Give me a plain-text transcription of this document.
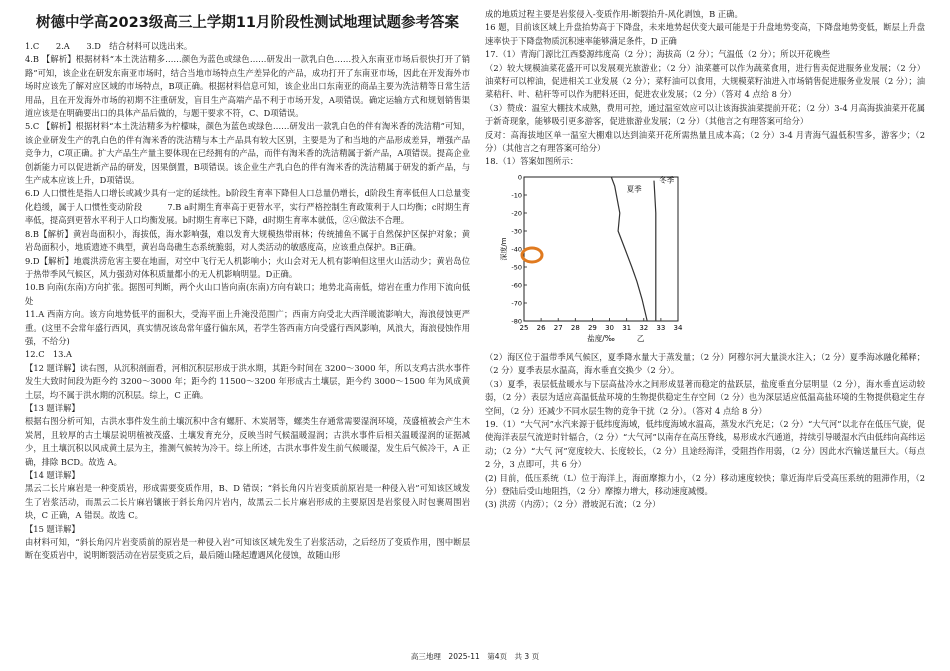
树德中学高2023级高三上学期11月阶段性测试地理试题参考答案

1.C　　2.A　　3.D　结合材料可以选出来。

4.B 【解析】根据材料“本土洗洁精多……颜色为蓝色或绿色……研发出一款乳白色……投入东南亚市场后很快打开了销路”可知，该企业在研发东南亚市场时，结合当地市场特点生产差异化的产品，成功打开了东南亚市场，因此在开发海外市场时应该先了解对应区域的市场特点，B项正确。根据材料信息可知，该企业出口东南亚的商品主要为洗洁精等日常生活用品，且在开发海外市场的初期不注重研发，盲目生产高端产品不利于市场开发，A项错误。确定运输方式和规划销售渠道应该是在明确要出口的具体产品后做的，与题干要求不符，C、D项错误。

5.C 【解析】根据材料“本土洗洁精多为柠檬味，颜色为蓝色或绿色……研发出一款乳白色的伴有淘米香的洗洁精”可知，该企业研发生产的乳白色的伴有淘米香的洗洁精与本土产品具有较大区别，主要是为了和当地的产品形成差异，增强产品竞争力，C项正确。扩大产品生产量主要体现在已经拥有的产品，而伴有淘米香的洗洁精属于新产品，A项错误。提高企业创新能力可以促进新产品的研发，因果倒置，B项错误。该企业生产乳白色的伴有淘米香的洗洁精属于研发的新产品，与生产成本应该上升，D项错误。

6.D 人口惯性是指人口增长或减少具有一定的延续性。b阶段生育率下降但人口总量仍增长，d阶段生育率低但人口总量变化趋缓，属于人口惯性变动阶段　　　7.B a时期生育率高于更替水平，实行严格控制生育政策利于人口均衡；c时期生育率低，提高到更替水平利于人口均衡发展。b时期生育率已下降，d时期生育率本就低，②④做法不合理。

8.B【解析】黄岩岛面积小，海拔低，海水影响强，难以发育大规模热带雨林；传统捕鱼不属于自然保护区保护对象；黄岩岛面积小，地质遗迹不典型，黄岩岛岛礁生态系统脆弱，对人类活动的敏感度高，应该重点保护。B正确。

9.D【解析】地震洪涝危害主要在地面，对空中飞行无人机影响小；火山会对无人机有影响但这里火山活动少；黄岩岛位于热带季风气候区，风力强劲对体积质量都小的无人机影响明显。D正确。

10.B 向南(东南)方向扩张。据图可判断，两个火山口皆向南(东南)方向有缺口；地势北高南低，熔岩在重力作用下流向低处

11.A 西南方向。该方向地势低平的面积大，受海平面上升淹没范围广；西南方向受北大西洋暖流影响大，海浪侵蚀更严重。(这里不会常年盛行西风，真实情况该岛常年盛行偏东风，若学生答西南方向受盛行西风影响，风浪大，海浪侵蚀作用强，不给分)

12.C　13.A

【12 题详解】读右图，从沉积剖面看，河相沉积层形成于洪水期，其距今时间在 3200～3000 年，所以支鸡古洪水事件发生大致时间段为距今约 3200～3000 年；距今约 11500～3200 年形成古土壤层，距今约 3000～1500 年为风成黄土层，均不属于洪水期的沉积层。综上，C 正确。

【13 题详解】

根据右图分析可知，古洪水事件发生前土壤沉积中含有螺肝、木炭屑等，螺类生存通常需要湿润环境，茂盛植被会产生木炭屑，且较厚的古土壤层说明植被茂盛、土壤发育充分，反映当时气候温暖湿润；古洪水事件后相关温暖湿润的证据减少，且土壤沉积以风成黄土层为主，推测气候转为冷干。综上所述，古洪水事件发生前气候暖湿，发生后气候冷干，A 正确，排除 BCD。故选 A。

【14 题详解】

黑云二长片麻岩是一种变质岩，形成需要变质作用，B、D 错误；“斜长角闪片岩变质前原岩是一种侵入岩”可知该区域发生了岩浆活动，而黑云二长片麻岩镶嵌于斜长角闪片岩内，故黑云二长片麻岩形成的主要原因是岩浆侵入时包裹周围岩块，C 正确，A 错误。故选 C。

【15 题详解】

由材料可知，“斜长角闪片岩变质前的原岩是一种侵入岩”可知该区域先发生了岩浆活动，之后经历了变质作用，图中断层断在变质岩中，说明断裂活动在岩层变质之后，最后随山隆起遭遇风化侵蚀，故随山形

成的地质过程主要是岩浆侵入-变质作用-断裂抬升-风化剥蚀，B 正确。

16 题，目前该区域上升盘抬势高于下降盘，未来地势起伏变大最可能是于升盘地势变高，下降盘地势变低，断层上升盘速率快于下降盘物质沉积速率能够满足条件，D 正确

17.（1）青海门源比江西婺源纬度高（2 分）；海拔高（2 分）；气温低（2 分）；所以开花晚些

（2）较大规模油菜花盛开可以发展观光旅游业；（2 分）油菜薹可以作为蔬菜食用，进行售卖促进服务业发展；（2 分）油菜籽可以榨油，促进相关工业发展（2 分）；菜籽油可以食用，大规模菜籽油进入市场销售促进服务业发展（2 分）；油菜秸秆、叶、秸秆等可以作为肥料还田，促进农业发展；（2 分）（答对 4 点给 8 分）

（3）赞成：温室大棚技术成熟，费用可控，通过温室效应可以让该海拔油菜提前开花；（2 分）3-4 月高海拔油菜开花属于新奇现象，能够吸引更多游客，促进旅游业发展；（2 分）（其他言之有理答案可给分）

反对：高海拔地区单一温室大棚难以达到油菜开花所需热量且成本高；（2 分）3-4 月青海气温低积雪多，游客少；（2 分）（其他言之有理答案可给分）

18.（1）答案如图所示：

25 26 27 28 29 30 31 32 33 34
0
-10
-20
-30
-40
-50
-60
-70
-80
夏季
冬季
盐度/‰
深度/m
乙

（2）海区位于温带季风气候区，夏季降水量大于蒸发量；（2 分）阿穆尔河大量淡水注入；（2 分）夏季海冰融化稀释；（2 分）夏季表层水温高，海水垂直交换少（2 分）。

（3）夏季，表层低盐暖水与下层高盐冷水之间形成显著而稳定的盐跃层，盐度垂直分层明显（2 分），海水垂直运动较弱，（2 分）表层为适应高温低盐环境的生物提供稳定生存空间（2 分）也为深层适应低温高盐环境的生物提供稳定生存空间，（2 分）还减少不同水层生物的竞争干扰（2 分）。（答对 4 点给 8 分）

19.（1）“大气河”水汽来源于低纬度海域，低纬度海域水温高，蒸发水汽充足；（2 分）“大气河”以北存在低压气旋，促使海洋表层气流逆时针辐合，（2 分）“大气河”以南存在高压脊线，易形成水汽通道，持续引导暖湿水汽由低纬向高纬运动；（2 分）“大气 河”宽度较大、长度较长，（2 分）且途经海洋，受阻挡作用弱，（2 分）因此水汽输送量巨大。（每点 2 分，3 点即可，共 6 分）

(2) 目前，低压系统（L）位于海洋上，海面摩擦力小，（2 分）移动速度较快；靠近海岸后受高压系统的阻滞作用，（2 分）登陆后受山地阻挡，（2 分）摩擦力增大，移动速度减慢。

(3) 洪涝（内涝）；（2 分）滑坡泥石流；（2 分）

高三地理　2025-11　第4页　共 3 页
